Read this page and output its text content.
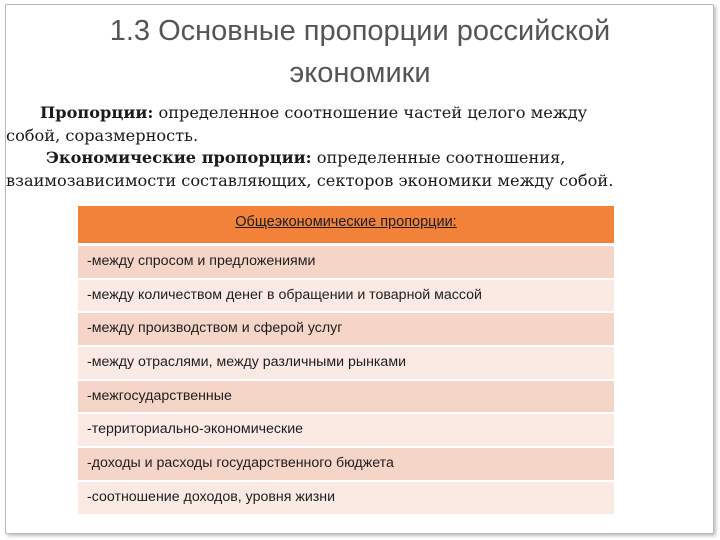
1.3 Основные пропорции российской
экономики

Пропорции: определенное соотношение частей целого между

собой, соразмерность.

Экономические пропорции: определенные соотношения,

взаимозависимости составляющих, секторов экономики между собой.

Общеэкономические пропорции:
-между спросом и предложениями
-между количеством денег в обращении и товарной массой
-между производством и сферой услуг
-между отраслями, между различными рынками
-межгосударственные
-территориально-экономические
-доходы и расходы государственного бюджета
-соотношение доходов, уровня жизни
